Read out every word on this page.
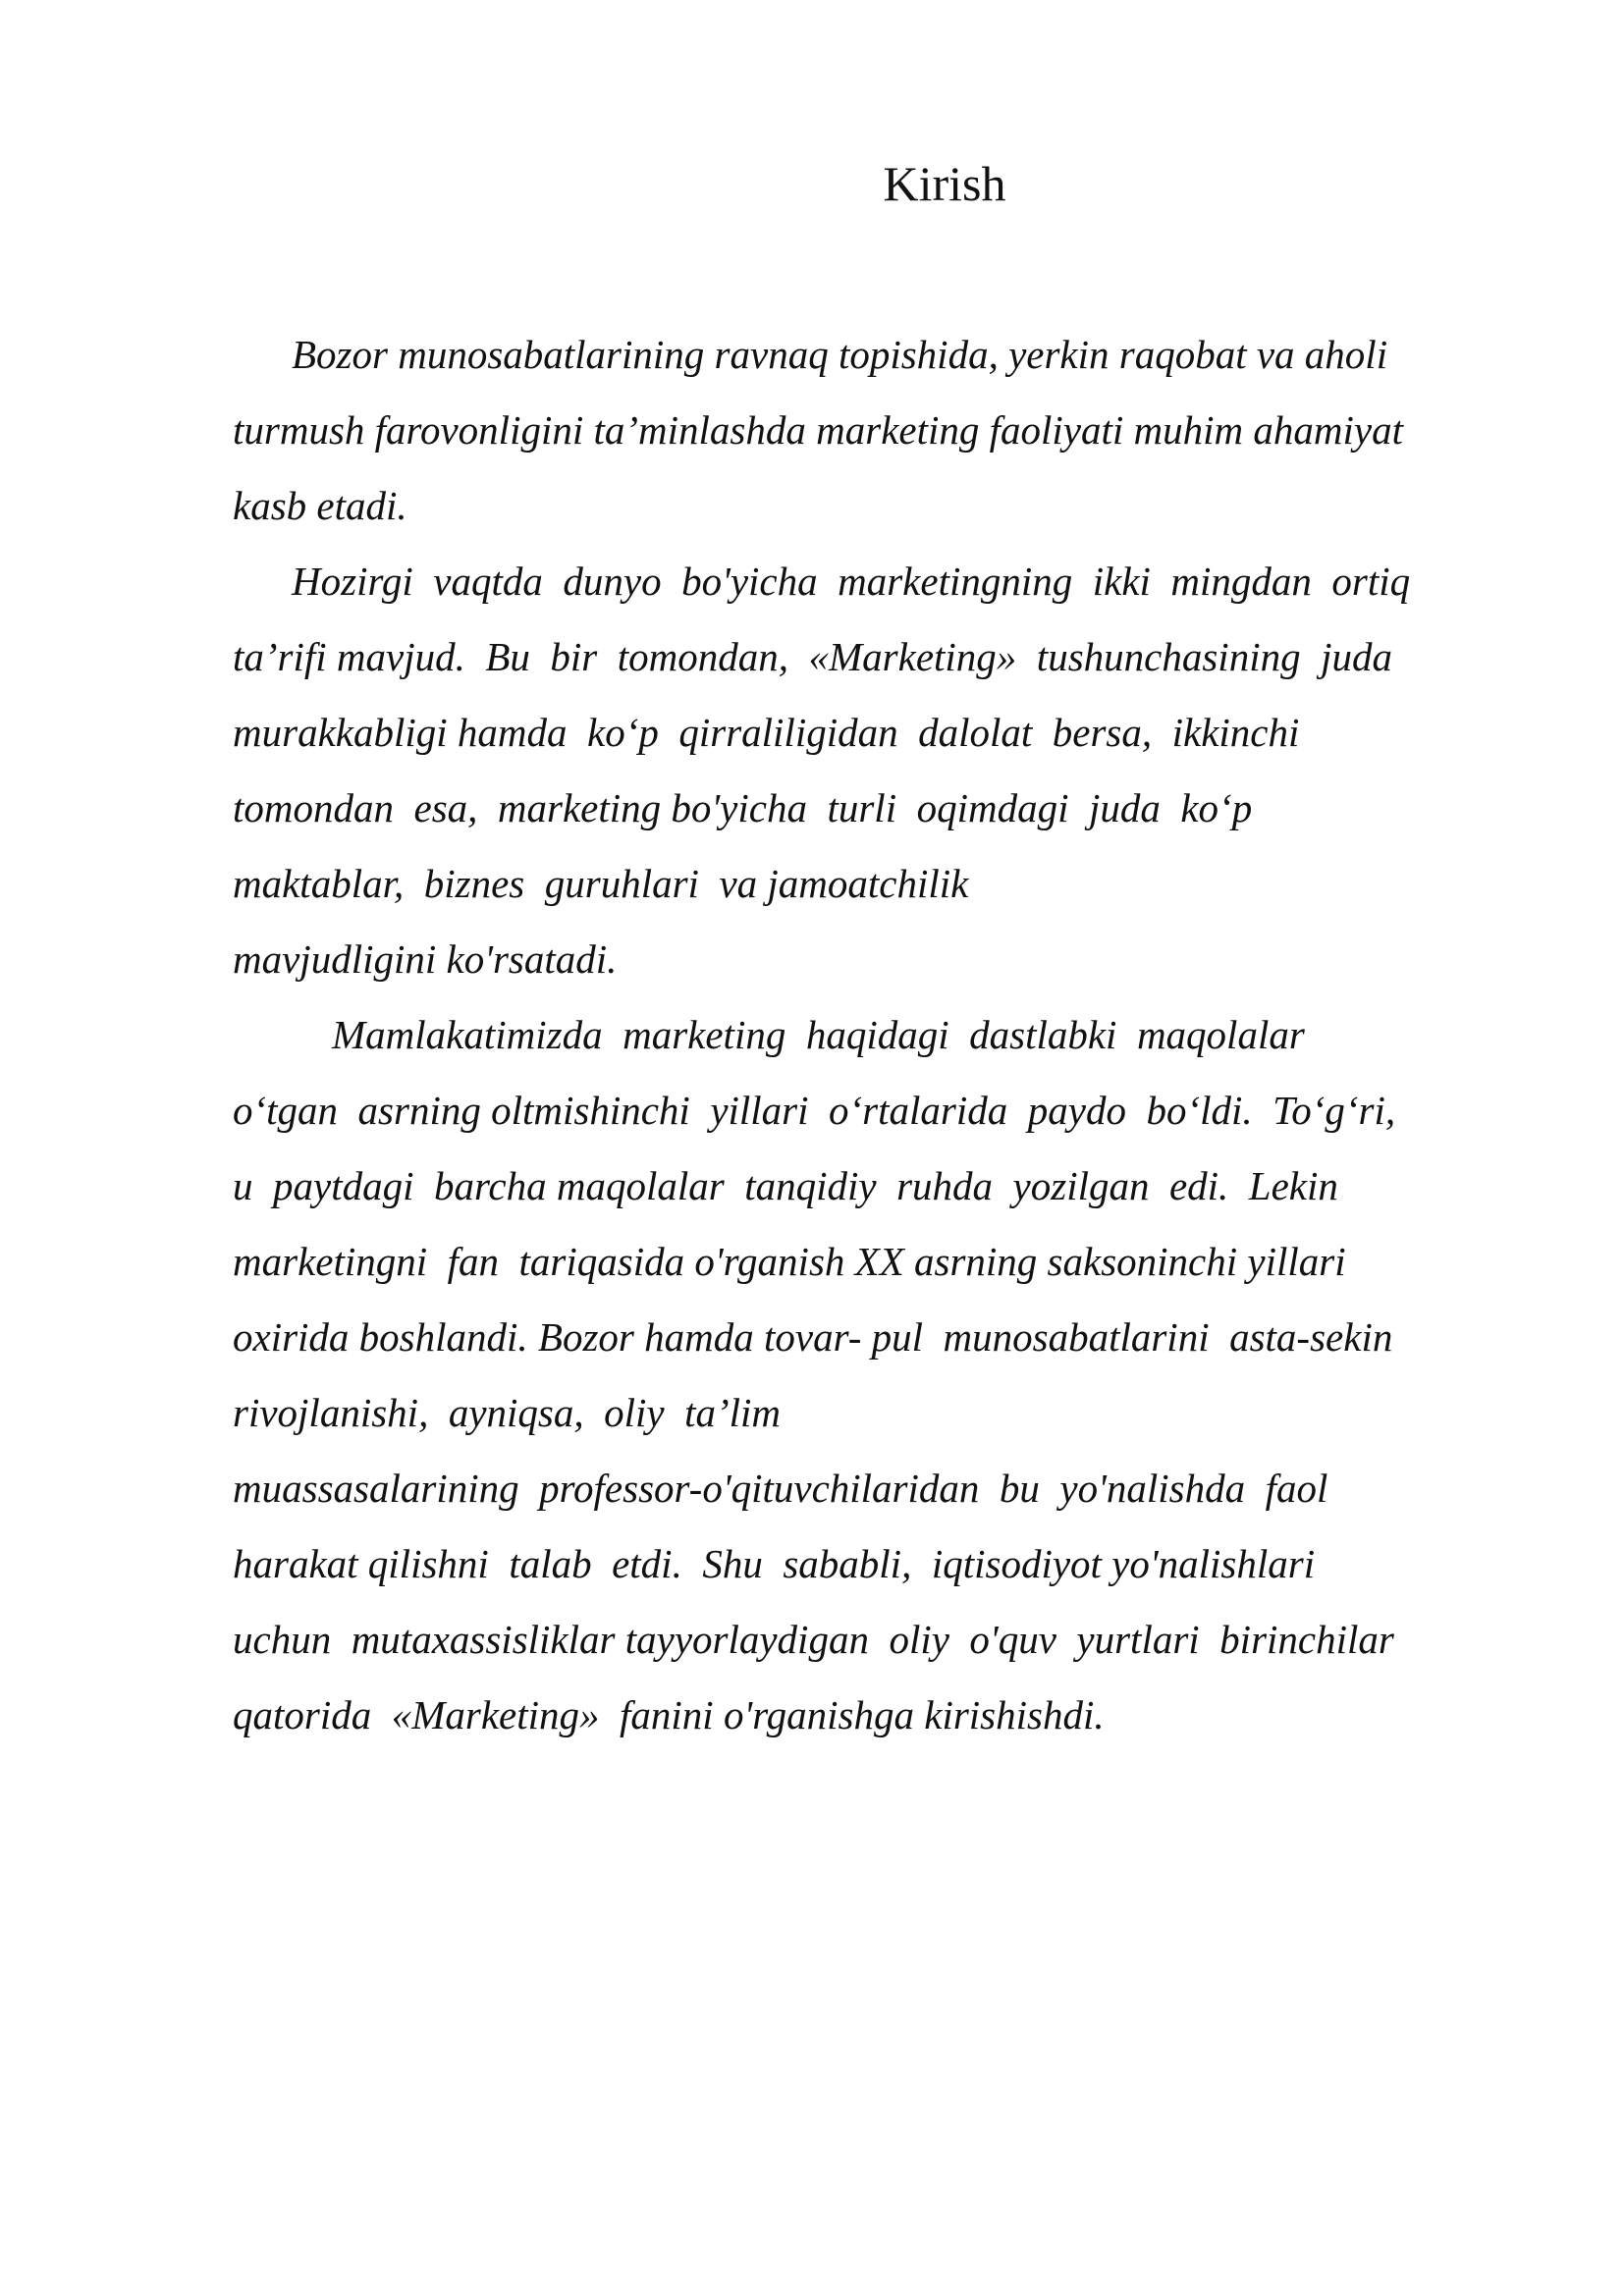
Kirish
Bozor munosabatlarining ravnaq topishida, yerkin raqobat va aholi
turmush farovonligini ta’minlashda marketing faoliyati muhim ahamiyat
kasb etadi.
Hozirgi  vaqtda  dunyo  bo'yicha  marketingning  ikki  mingdan  ortiq
ta’rifi mavjud.  Bu  bir  tomondan,  «Marketing»  tushunchasining  juda
murakkabligi hamda  ko‘p  qirraliligidan  dalolat  bersa,  ikkinchi
tomondan  esa,  marketing bo'yicha  turli  oqimdagi  juda  ko‘p
maktablar,  biznes  guruhlari  va jamoatchilik
mavjudligini ko'rsatadi.
Mamlakatimizda  marketing  haqidagi  dastlabki  maqolalar
o‘tgan  asrning oltmishinchi  yillari  o‘rtalarida  paydo  bo‘ldi.  To‘g‘ri,
u  paytdagi  barcha maqolalar  tanqidiy  ruhda  yozilgan  edi.  Lekin
marketingni  fan  tariqasida o'rganish XX asrning saksoninchi yillari
oxirida boshlandi. Bozor hamda tovar- pul  munosabatlarini  asta-sekin
rivojlanishi,  ayniqsa,  oliy  ta’lim
muassasalarining  professor-o'qituvchilaridan  bu  yo'nalishda  faol
harakat qilishni  talab  etdi.  Shu  sababli,  iqtisodiyot yo'nalishlari
uchun  mutaxassisliklar tayyorlaydigan  oliy  o'quv  yurtlari  birinchilar
qatorida  «Marketing»  fanini o'rganishga kirishishdi.
